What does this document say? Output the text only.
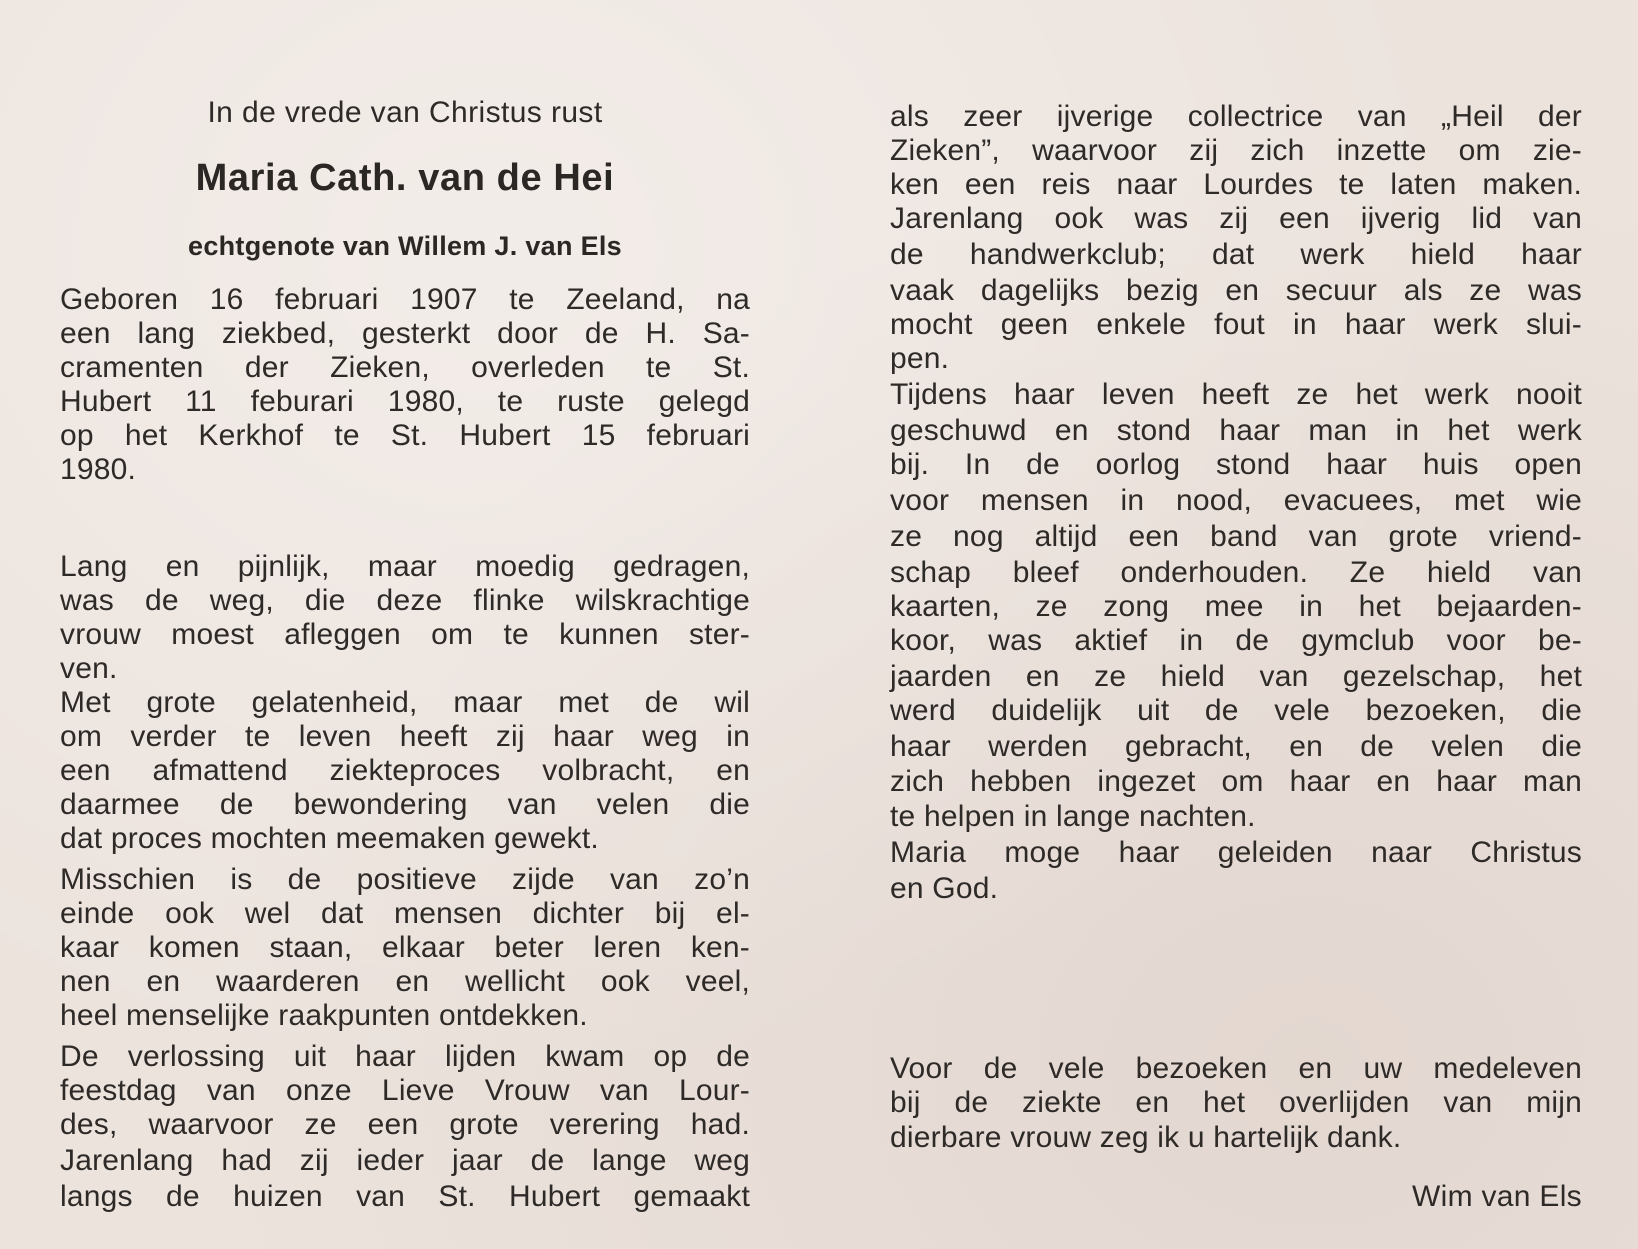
In de vrede van Christus rust
Maria Cath. van de Hei
echtgenote van Willem J. van Els
Geboren 16 februari 1907 te Zeeland, na
een lang ziekbed, gesterkt door de H. Sa-
cramenten der Zieken, overleden te St.
Hubert 11 feburari 1980, te ruste gelegd
op het Kerkhof te St. Hubert 15 februari
1980.
Lang en pijnlijk, maar moedig gedragen,
was de weg, die deze flinke wilskrachtige
vrouw moest afleggen om te kunnen ster-
ven.
Met grote gelatenheid, maar met de wil
om verder te leven heeft zij haar weg in
een afmattend ziekteproces volbracht, en
daarmee de bewondering van velen die
dat proces mochten meemaken gewekt.
Misschien is de positieve zijde van zo’n
einde ook wel dat mensen dichter bij el-
kaar komen staan, elkaar beter leren ken-
nen en waarderen en wellicht ook veel,
heel menselijke raakpunten ontdekken.
De verlossing uit haar lijden kwam op de
feestdag van onze Lieve Vrouw van Lour-
des, waarvoor ze een grote verering had.
Jarenlang had zij ieder jaar de lange weg
langs de huizen van St. Hubert gemaakt
als zeer ijverige collectrice van „Heil der
Zieken”, waarvoor zij zich inzette om zie-
ken een reis naar Lourdes te laten maken.
Jarenlang ook was zij een ijverig lid van
de handwerkclub; dat werk hield haar
vaak dagelijks bezig en secuur als ze was
mocht geen enkele fout in haar werk slui-
pen.
Tijdens haar leven heeft ze het werk nooit
geschuwd en stond haar man in het werk
bij. In de oorlog stond haar huis open
voor mensen in nood, evacuees, met wie
ze nog altijd een band van grote vriend-
schap bleef onderhouden. Ze hield van
kaarten, ze zong mee in het bejaarden-
koor, was aktief in de gymclub voor be-
jaarden en ze hield van gezelschap, het
werd duidelijk uit de vele bezoeken, die
haar werden gebracht, en de velen die
zich hebben ingezet om haar en haar man
te helpen in lange nachten.
Maria moge haar geleiden naar Christus
en God.
Voor de vele bezoeken en uw medeleven
bij de ziekte en het overlijden van mijn
dierbare vrouw zeg ik u hartelijk dank.
Wim van Els
